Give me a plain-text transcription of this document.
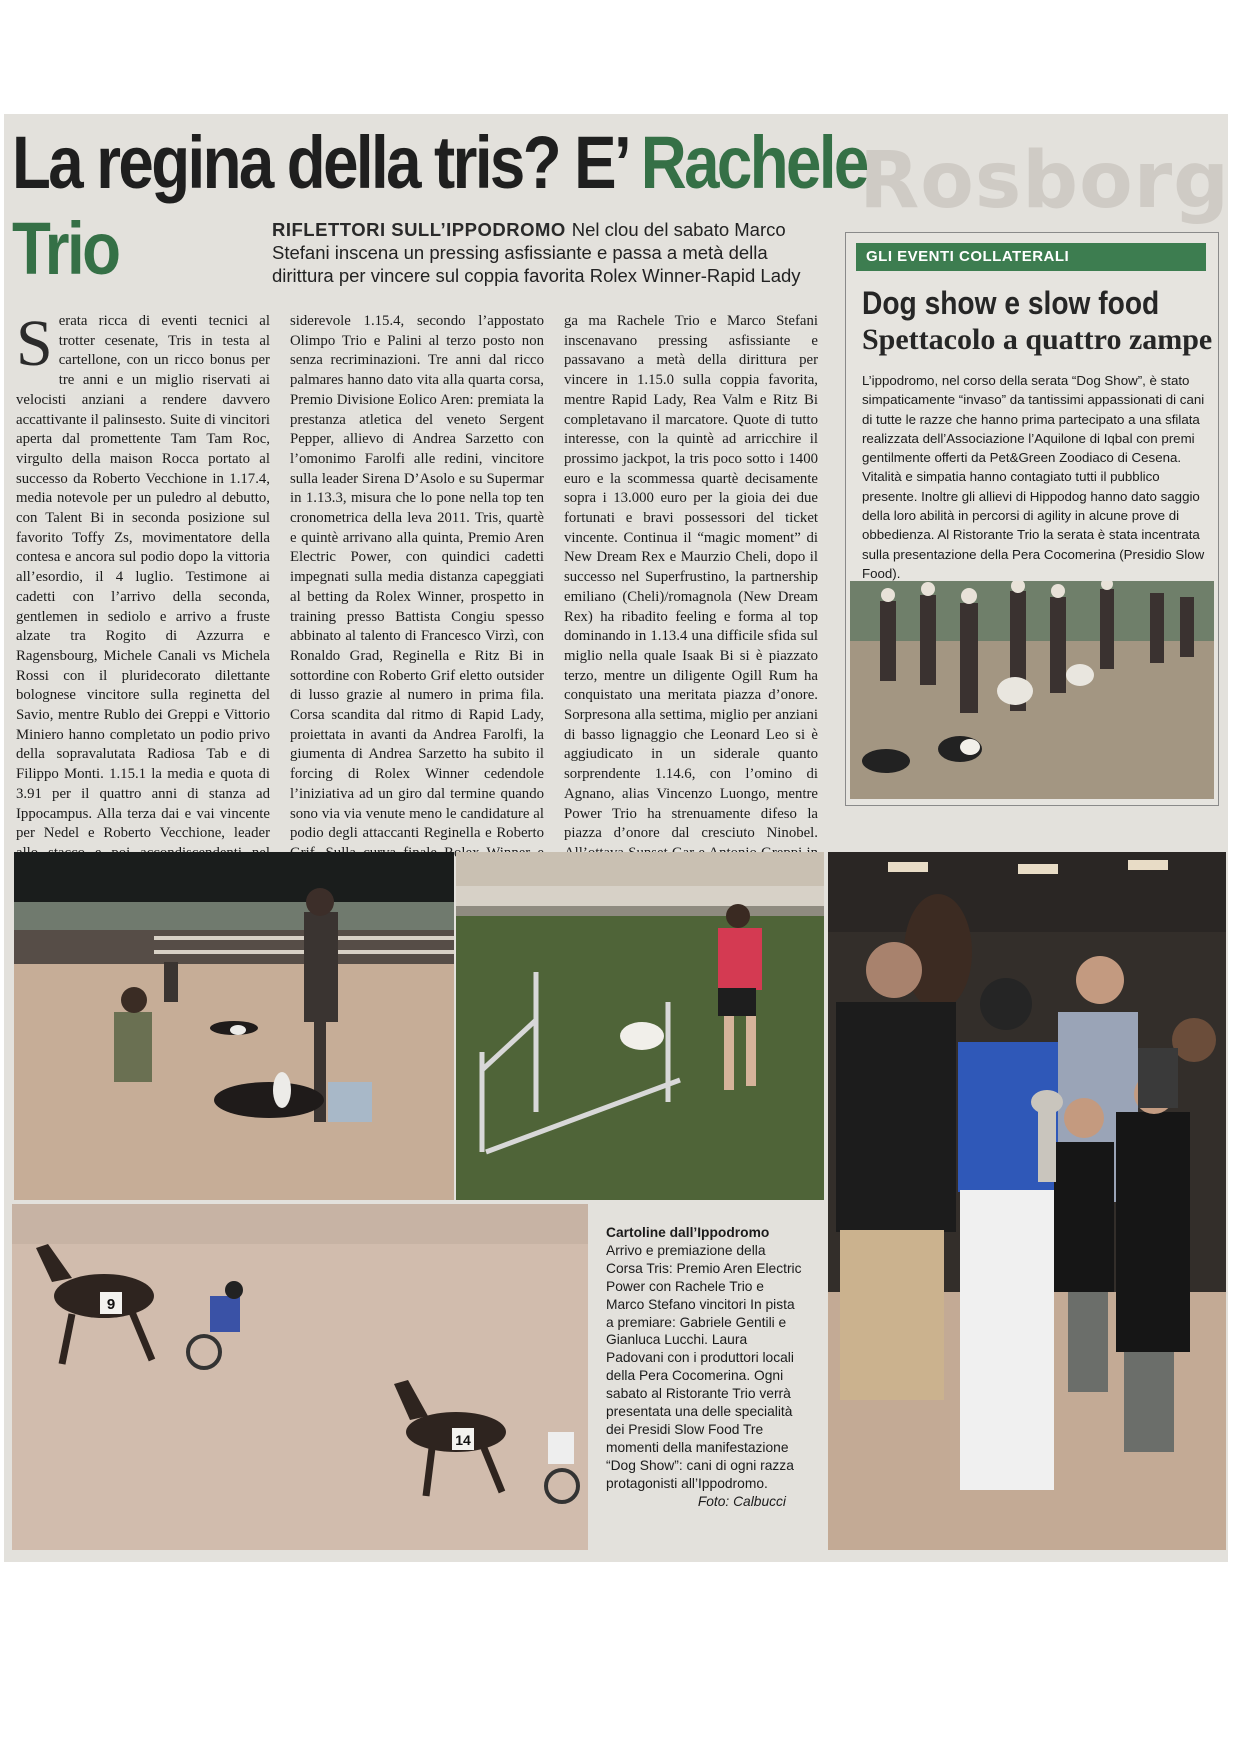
Rosborg
La regina della tris? E’ Rachele
Trio	RIFLETTORI SULL’IPPODROMO Nel clou del sabato Marco Stefani inscena un pressing asfissiante e passa a metà della dirittura per vincere sul coppia favorita Rolex Winner-Rapid Lady

Serata ricca di eventi tecnici al trotter cesenate, Tris in testa al cartellone, con un ricco bonus per tre anni e un miglio riservati ai velocisti anziani a rendere davvero accattivante il palinsesto. Suite di vincitori aperta dal promettente Tam Tam Roc, virgulto della maison Rocca portato al successo da Roberto Vecchione in 1.17.4, media notevole per un puledro al debutto, con Talent Bi in seconda posizione sul favorito Toffy Zs, movimentatore della contesa e ancora sul podio dopo la vittoria all’esordio, il 4 luglio. Testimone ai cadetti con l’arrivo della seconda, gentlemen in sediolo e arrivo a fruste alzate tra Rogito di Azzurra e Ragensbourg, Michele Canali vs Michela Rossi con il pluridecorato dilettante bolognese vincitore sulla reginetta del Savio, mentre Rublo dei Greppi e Vittorio Miniero hanno completato un podio privo della sopravalutata Radiosa Tab e di Filippo Monti. 1.15.1 la media e quota di 3.91 per il quattro anni di stanza ad Ippocampus. Alla terza dai e vai vincente per Nedel e Roberto Vecchione, leader

siderevole 1.15.4, secondo l’appostato Olimpo Trio e Palini al terzo posto non senza recriminazioni. Tre anni dal ricco palmares hanno dato vita alla quarta corsa, Premio Divisione Eolico Aren: premiata la prestanza atletica del veneto Sergent Pepper, allievo di Andrea Sarzetto con l’omonimo Farolfi alle redini, vincitore sulla leader Sirena D’Asolo e su Supermar in 1.13.3, misura che lo pone nella top ten cronometrica della leva 2011. Tris, quartè e quintè arrivano alla quinta, Premio Aren Electric Power, con quindici cadetti impegnati sulla media distanza capeggiati al betting da Rolex Winner, prospetto in training presso Battista Congiu spesso abbinato al talento di Francesco Virzì, con Ronaldo Grad, Reginella e Ritz Bi in sottordine con Roberto Grif eletto outsider di lusso grazie al numero in prima fila. Corsa scandita dal ritmo di Rapid Lady, proiettata in avanti da Andrea Farolfi, la giumenta di Andrea Sarzetto ha subito il forcing di Rolex Winner cedendole l’iniziativa ad un giro dal termine quando sono via via venute meno le candidature al podio degli attaccanti Reginella e Roberto

ga ma Rachele Trio e Marco Stefani inscenavano pressing asfissiante e passavano a metà della dirittura per vincere in 1.15.0 sulla coppia favorita, mentre Rapid Lady, Rea Valm e Ritz Bi completavano il marcatore. Quote di tutto interesse, con la quintè ad arricchire il prossimo jackpot, la tris poco sotto i 1400 euro e la scommessa quartè decisamente sopra i 13.000 euro per la gioia dei due fortunati e bravi possessori del ticket vincente. Continua il “magic moment” di New Dream Rex e Maurzio Cheli, dopo il successo nel Superfrustino, la partnership emiliano (Cheli)/romagnola (New Dream Rex) ha ribadito feeling e forma al top dominando in 1.13.4 una difficile sfida sul miglio nella quale Isaak Bi si è piazzato terzo, mentre un diligente Ogill Rum ha conquistato una meritata piazza d’onore. Sorpresona alla settima, miglio per anziani di basso lignaggio che Leonard Leo si è aggiudicato in un siderale quanto sorprendente 1.14.6, con l’omino di Agnano, alias Vincenzo Luongo, mentre Power Trio ha strenuamente difeso la piazza d’onore dal cresciuto Ninobel.

GLI EVENTI COLLATERALI
Dog show e slow food
Spettacolo a quattro zampe

L’ippodromo, nel corso della serata “Dog Show”, è stato simpaticamente “invaso” da tantissimi appassionati di cani di tutte le razze che hanno prima partecipato a una sfilata realizzata dell’Associazione l’Aquilone di Iqbal con premi gentilmente offerti da Pet&Green Zoodiaco di Cesena. Vitalità e simpatia hanno contagiato tutti il pubblico presente. Inoltre gli allievi di Hippodog hanno dato saggio della loro abilità in percorsi di agility in alcune prove di obbedienza. Al Ristorante Trio la serata è stata incentrata sulla presentazione della Pera Cocomerina (Presidio Slow Food).

9
14
Cartoline dall’Ippodromo
Arrivo e premiazione della Corsa Tris: Premio Aren Electric Power con Rachele Trio e Marco Stefano vincitori In pista a premiare: Gabriele Gentili e Gianluca Lucchi. Laura Padovani con i produttori locali della Pera Cocomerina. Ogni sabato al Ristorante Trio verrà presentata una delle specialità dei Presidi Slow Food Tre momenti della manifestazione “Dog Show”: cani di ogni razza protagonisti all’Ippodromo.
Foto: Calbucci
